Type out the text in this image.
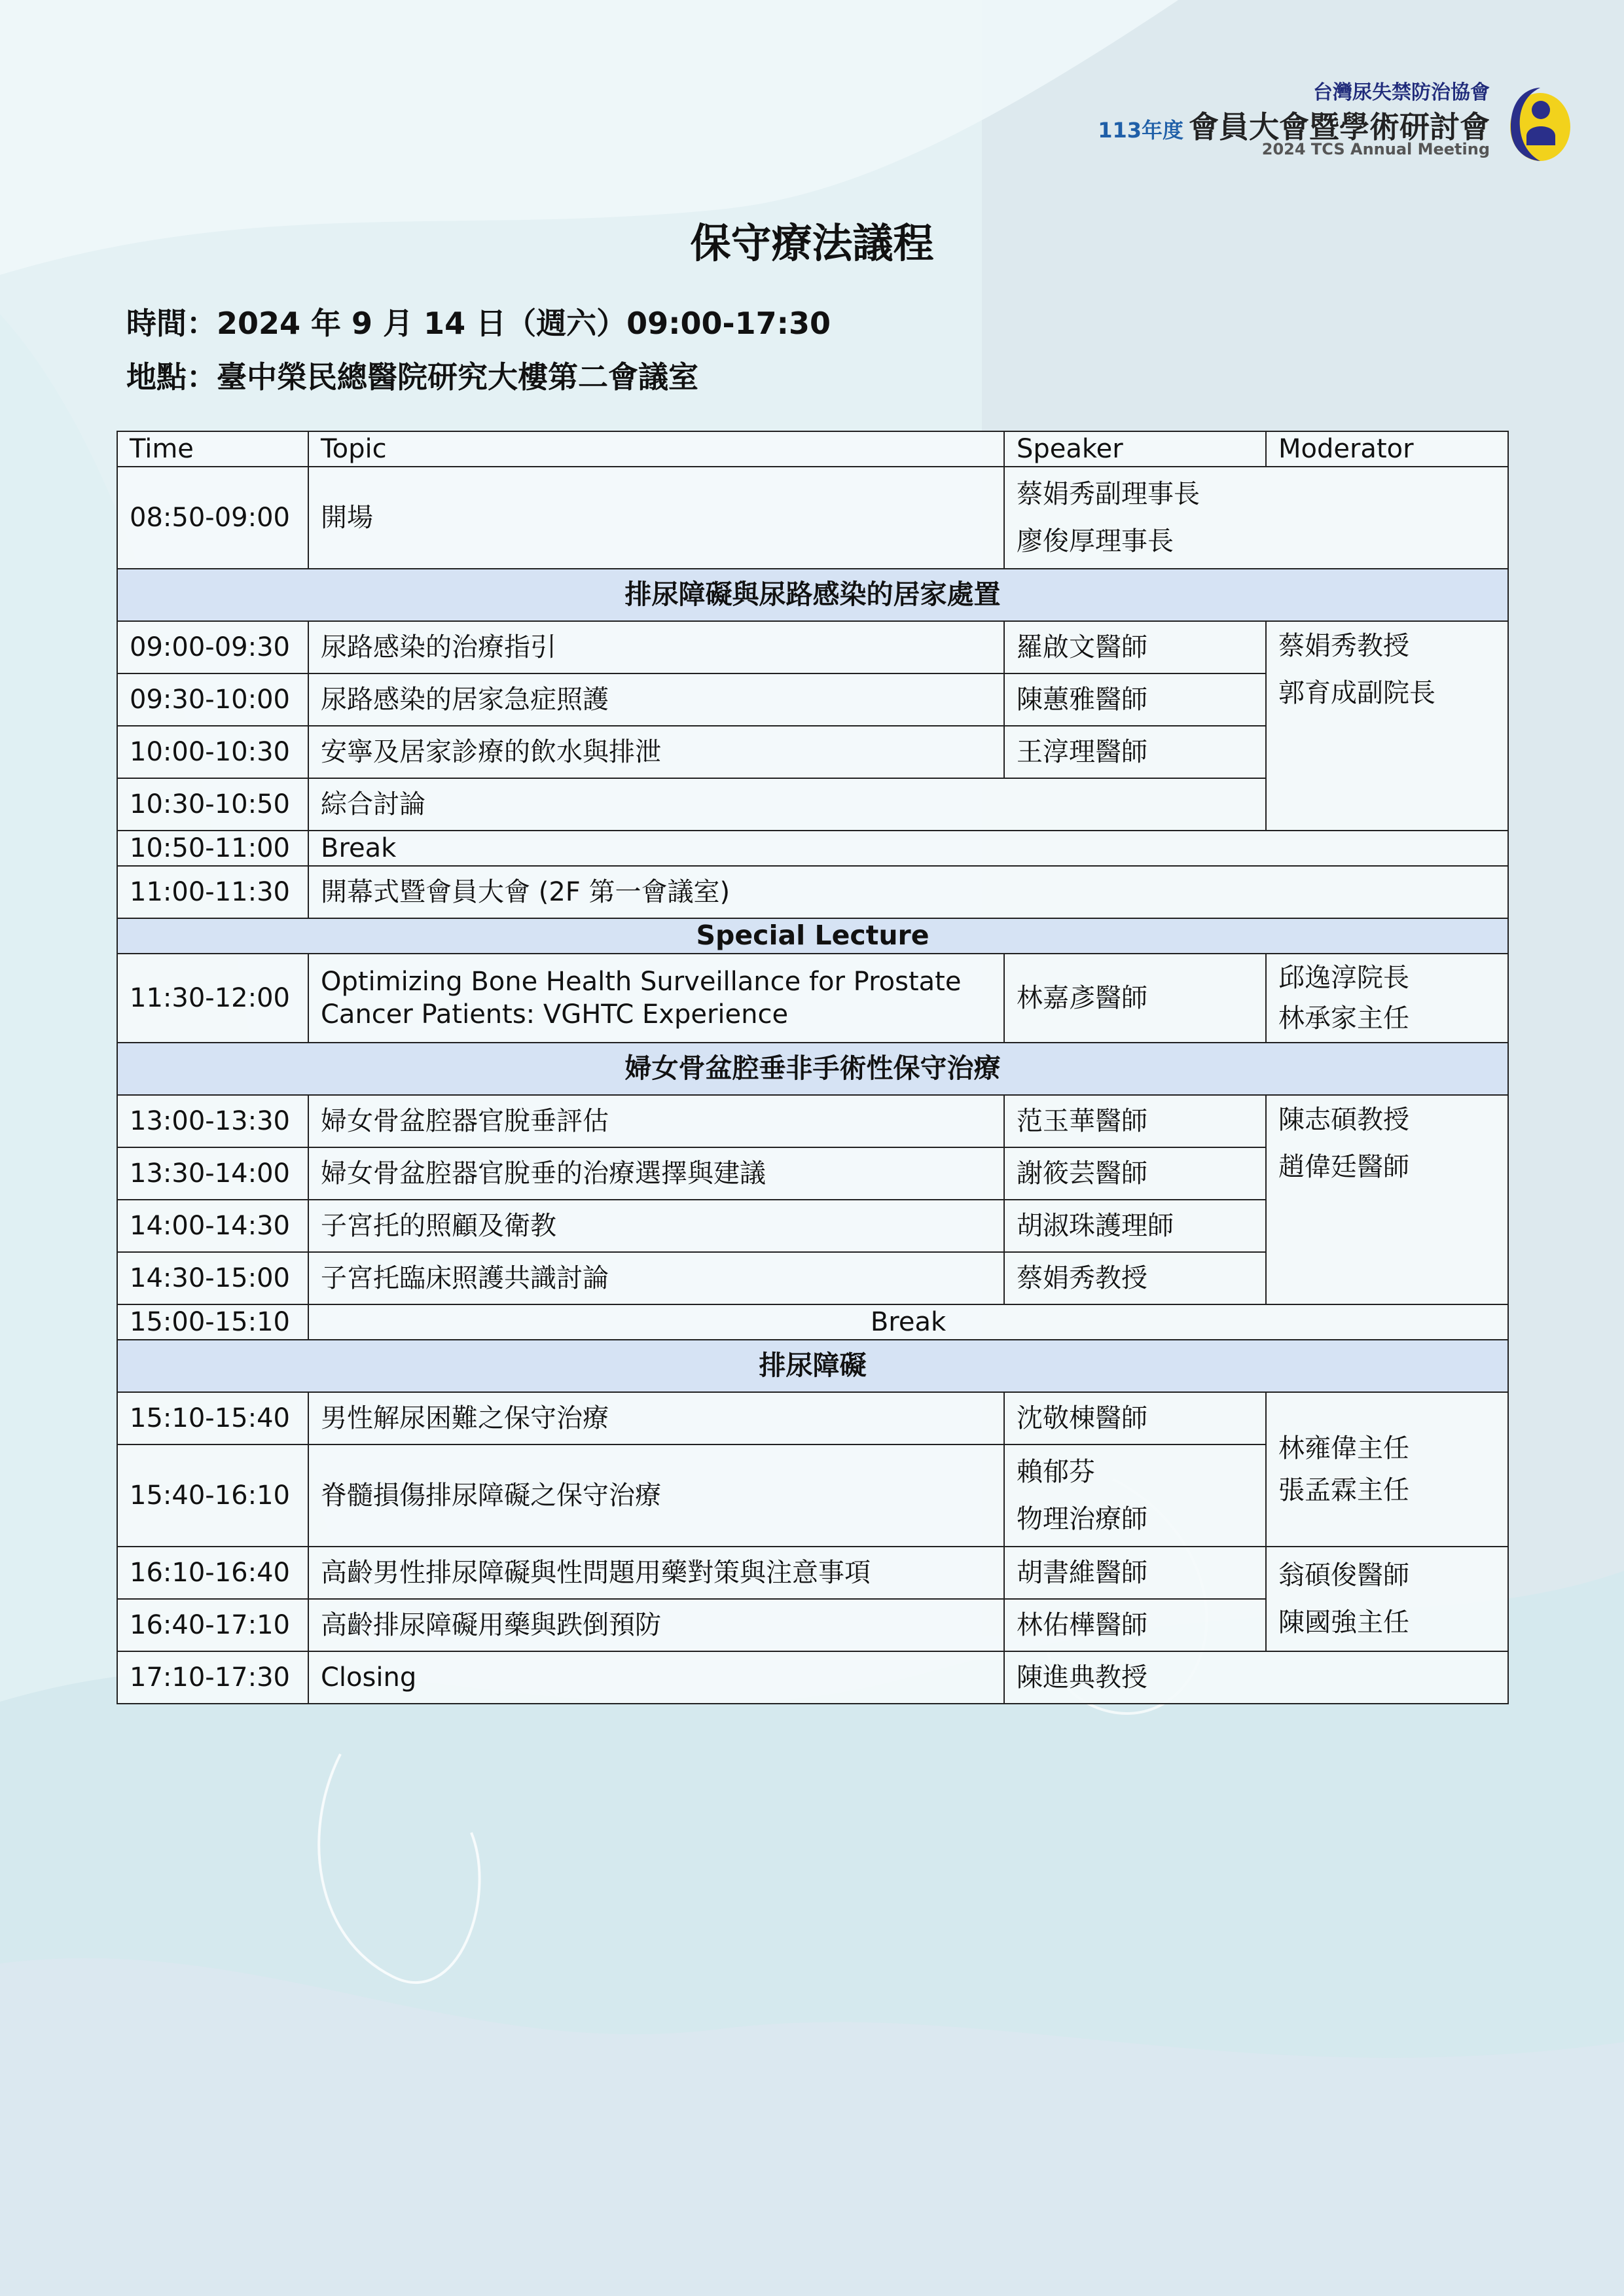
台灣尿失禁防治協會
113年度 會員大會暨學術研討會
2024 TCS Annual Meeting
保守療法議程
時間：2024 年 9 月 14 日（週六）09:00-17:30
地點：臺中榮民總醫院研究大樓第二會議室
Time	Topic	Speaker	Moderator
08:50-09:00	開場	蔡娟秀副理事長
廖俊厚理事長	

排尿障礙與尿路感染的居家處置			
09:00-09:30	尿路感染的治療指引	羅啟文醫師	蔡娟秀教授
郭育成副院長

09:30-10:00	尿路感染的居家急症照護	陳蕙雅醫師	
10:00-10:30	安寧及居家診療的飲水與排泄	王淳理醫師	
10:30-10:50	綜合討論		
10:50-11:00	Break		
11:00-11:30	開幕式暨會員大會 (2F 第一會議室)		
Special Lecture			
11:30-12:00	Optimizing Bone Health Surveillance for Prostate
Cancer Patients: VGHTC Experience	林嘉彥醫師	邱逸淳院長
林承家主任

婦女骨盆腔垂非手術性保守治療			
13:00-13:30	婦女骨盆腔器官脫垂評估	范玉華醫師	陳志碩教授
趙偉廷醫師

13:30-14:00	婦女骨盆腔器官脫垂的治療選擇與建議	謝筱芸醫師	
14:00-14:30	子宮托的照顧及衛教	胡淑珠護理師	
14:30-15:00	子宮托臨床照護共識討論	蔡娟秀教授	
15:00-15:10	Break		
排尿障礙			
15:10-15:40	男性解尿困難之保守治療	沈敬棟醫師	林雍偉主任
張孟霖主任

15:40-16:10	脊髓損傷排尿障礙之保守治療	賴郁芬
物理治療師	

16:10-16:40	高齡男性排尿障礙與性問題用藥對策與注意事項	胡書維醫師	翁碩俊醫師
陳國強主任

16:40-17:10	高齡排尿障礙用藥與跌倒預防	林佑樺醫師	
17:10-17:30	Closing	陳進典教授	
